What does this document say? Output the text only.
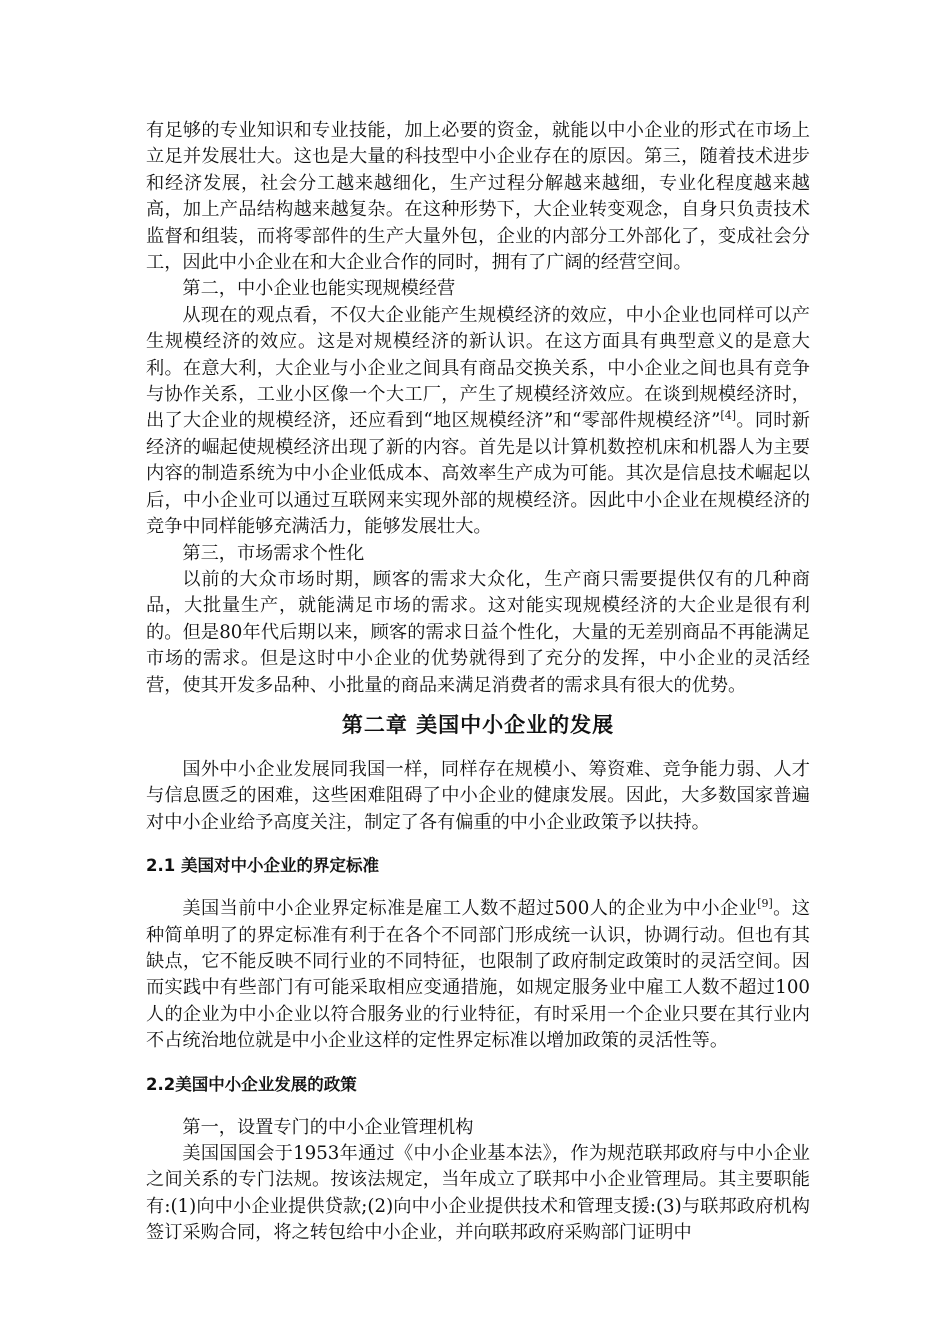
有足够的专业知识和专业技能，加上必要的资金，就能以中小企业的形式在市场上立足并发展壮大。这也是大量的科技型中小企业存在的原因。第三，随着技术进步和经济发展，社会分工越来越细化，生产过程分解越来越细，专业化程度越来越高，加上产品结构越来越复杂。在这种形势下，大企业转变观念，自身只负责技术监督和组装，而将零部件的生产大量外包，企业的内部分工外部化了，变成社会分工，因此中小企业在和大企业合作的同时，拥有了广阔的经营空间。

第二，中小企业也能实现规模经营

从现在的观点看，不仅大企业能产生规模经济的效应，中小企业也同样可以产生规模经济的效应。这是对规模经济的新认识。在这方面具有典型意义的是意大利。在意大利，大企业与小企业之间具有商品交换关系，中小企业之间也具有竞争与协作关系，工业小区像一个大工厂，产生了规模经济效应。在谈到规模经济时，出了大企业的规模经济，还应看到“地区规模经济”和“零部件规模经济”[4]。同时新经济的崛起使规模经济出现了新的内容。首先是以计算机数控机床和机器人为主要内容的制造系统为中小企业低成本、高效率生产成为可能。其次是信息技术崛起以后，中小企业可以通过互联网来实现外部的规模经济。因此中小企业在规模经济的竞争中同样能够充满活力，能够发展壮大。

第三，市场需求个性化

以前的大众市场时期，顾客的需求大众化，生产商只需要提供仅有的几种商品，大批量生产，就能满足市场的需求。这对能实现规模经济的大企业是很有利的。但是80年代后期以来，顾客的需求日益个性化，大量的无差别商品不再能满足市场的需求。但是这时中小企业的优势就得到了充分的发挥，中小企业的灵活经营，使其开发多品种、小批量的商品来满足消费者的需求具有很大的优势。

第二章 美国中小企业的发展

国外中小企业发展同我国一样，同样存在规模小、筹资难、竞争能力弱、人才与信息匮乏的困难，这些困难阻碍了中小企业的健康发展。因此，大多数国家普遍对中小企业给予高度关注，制定了各有偏重的中小企业政策予以扶持。

2.1 美国对中小企业的界定标准

美国当前中小企业界定标准是雇工人数不超过500人的企业为中小企业[9]。这种简单明了的界定标准有利于在各个不同部门形成统一认识，协调行动。但也有其缺点，它不能反映不同行业的不同特征，也限制了政府制定政策时的灵活空间。因而实践中有些部门有可能采取相应变通措施，如规定服务业中雇工人数不超过100人的企业为中小企业以符合服务业的行业特征，有时采用一个企业只要在其行业内不占统治地位就是中小企业这样的定性界定标准以增加政策的灵活性等。

2.2美国中小企业发展的政策

第一，设置专门的中小企业管理机构

美国国国会于1953年通过《中小企业基本法》，作为规范联邦政府与中小企业之间关系的专门法规。按该法规定，当年成立了联邦中小企业管理局。其主要职能有:(1)向中小企业提供贷款;(2)向中小企业提供技术和管理支援:(3)与联邦政府机构签订采购合同，将之转包给中小企业，并向联邦政府采购部门证明中
